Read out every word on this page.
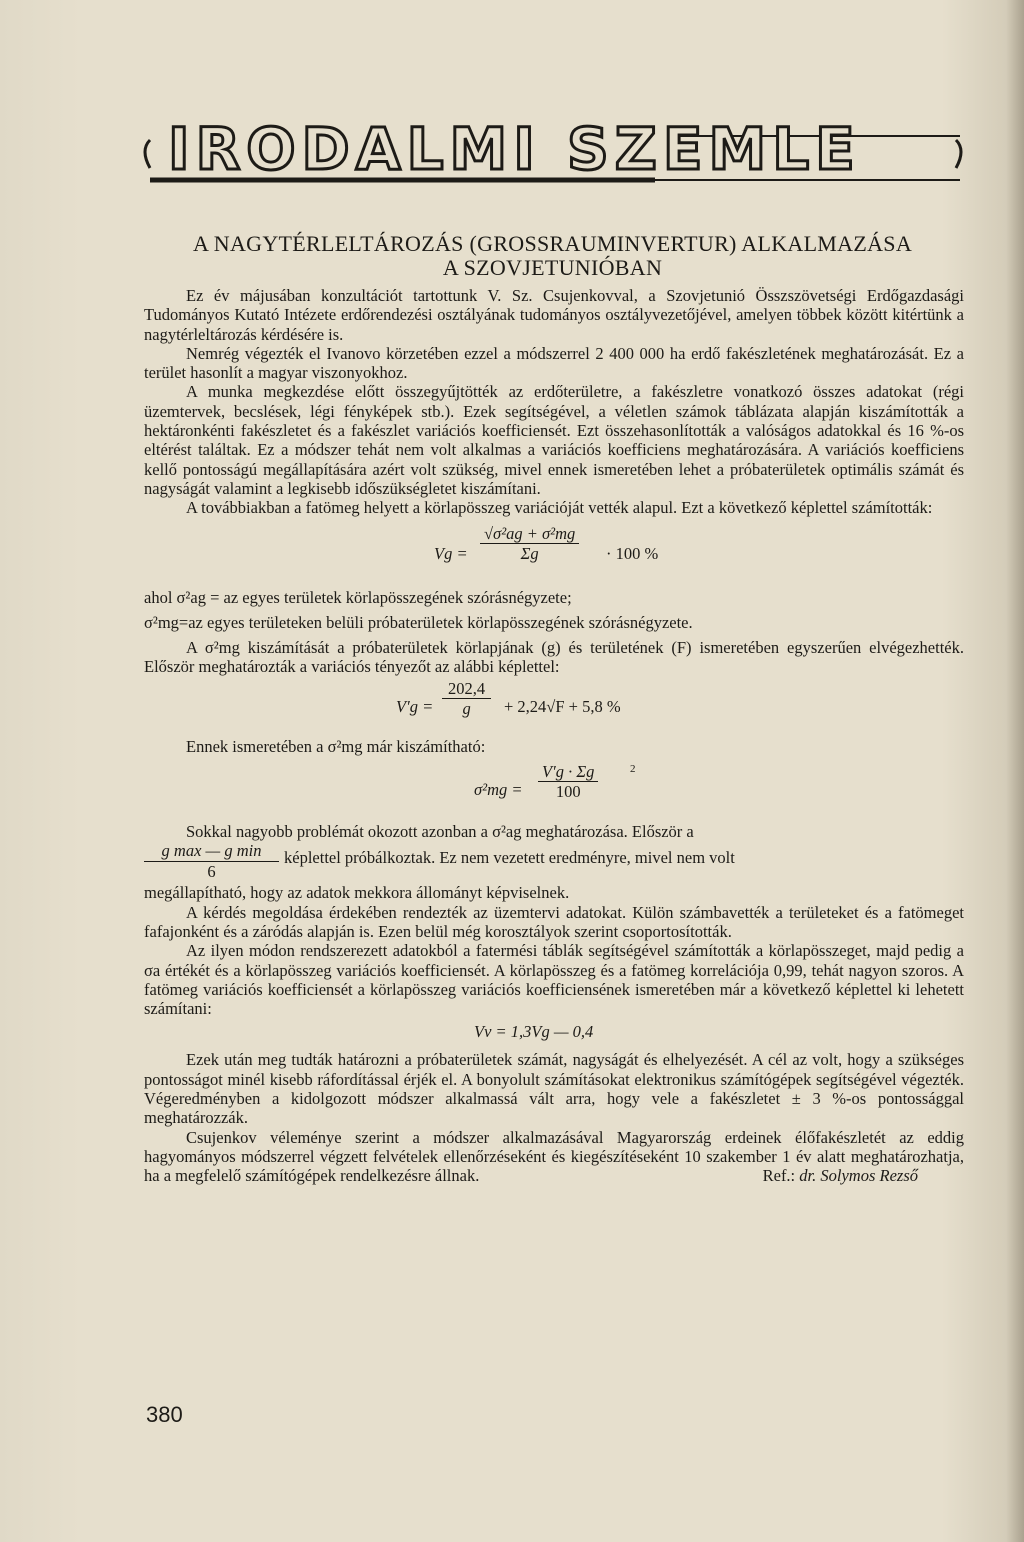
IRODALMI SZEMLE
A NAGYTÉRLELTÁROZÁS (GROSSRAUMINVERTUR) ALKALMAZÁSA
A SZOVJETUNIÓBAN

Ez év májusában konzultációt tartottunk V. Sz. Csujenkovval, a Szovjetunió Összszövetségi Erdőgazdasági Tudományos Kutató Intézete erdőrendezési osztályának tudományos osztályvezetőjével, amelyen többek között kitértünk a nagytérleltározás kérdésére is.

Nemrég végezték el Ivanovo körzetében ezzel a módszerrel 2 400 000 ha erdő fakészletének meghatározását. Ez a terület hasonlít a magyar viszonyokhoz.

A munka megkezdése előtt összegyűjtötték az erdőterületre, a fakészletre vonatkozó összes adatokat (régi üzemtervek, becslések, légi fényképek stb.). Ezek segítségével, a véletlen számok táblázata alapján kiszámították a hektáronkénti fakészletet és a fakészlet variációs koefficiensét. Ezt összehasonlították a valóságos adatokkal és 16 %-os eltérést találtak. Ez a módszer tehát nem volt alkalmas a variációs koefficiens meghatározására. A variációs koefficiens kellő pontosságú megállapítására azért volt szükség, mivel ennek ismeretében lehet a próbaterületek optimális számát és nagyságát valamint a legkisebb időszükségletet kiszámítani.

A továbbiakban a fatömeg helyett a körlapösszeg variációját vették alapul. Ezt a következő képlettel számították:

$Vg = \frac{\text{√σ²ag + σ²mg}}{\Sigma g} \cdot 100$ %

ahol σ²ag = az egyes területek körlapösszegének szórásnégyzete;

σ²mg=az egyes területeken belüli próbaterületek körlapösszegének szórásnégyzete.

A σ²mg kiszámítását a próbaterületek körlapjának (g) és területének (F) ismeretében egyszerűen elvégezhették. Először meghatározták a variációs tényezőt az alábbi képlettel:

$V'g = \frac{202,4}{g} + 2,24√F + 5,8$ %

Ennek ismeretében a σ²mg már kiszámítható:

$\sigma^2mg = \frac{V'g \cdot \Sigma g}{100}$	2

Sokkal nagyobb problémát okozott azonban a σ²ag meghatározása. Először a

g max — g min
6
képlettel próbálkoztak. Ez nem vezetett eredményre, mivel nem volt

megállapítható, hogy az adatok mekkora állományt képviselnek.

A kérdés megoldása érdekében rendezték az üzemtervi adatokat. Külön számbavették a területeket és a fatömeget fafajonként és a záródás alapján is. Ezen belül még korosztályok szerint csoportosították.

Az ilyen módon rendszerezett adatokból a fatermési táblák segítségével számították a körlapösszeget, majd pedig a σa értékét és a körlapösszeg variációs koefficiensét. A körlapösszeg és a fatömeg korrelációja 0,99, tehát nagyon szoros. A fatömeg variációs koefficiensét a körlapösszeg variációs koefficiensének ismeretében már a következő képlettel ki lehetett számítani:

Vv = 1,3Vg — 0,4

Ezek után meg tudták határozni a próbaterületek számát, nagyságát és elhelyezését. A cél az volt, hogy a szükséges pontosságot minél kisebb ráfordítással érjék el. A bonyolult számításokat elektronikus számítógépek segítségével végezték. Végeredményben a kidolgozott módszer alkalmassá vált arra, hogy vele a fakészletet ± 3 %-os pontossággal meghatározzák.

Csujenkov véleménye szerint a módszer alkalmazásával Magyarország erdeinek élőfakészletét az eddig hagyományos módszerrel végzett felvételek ellenőrzéseként és kiegészítéseként 10 szakember 1 év alatt meghatározhatja, ha a megfelelő számítógépek rendelkezésre állnak.	Ref.: dr. Solymos Rezső
380
